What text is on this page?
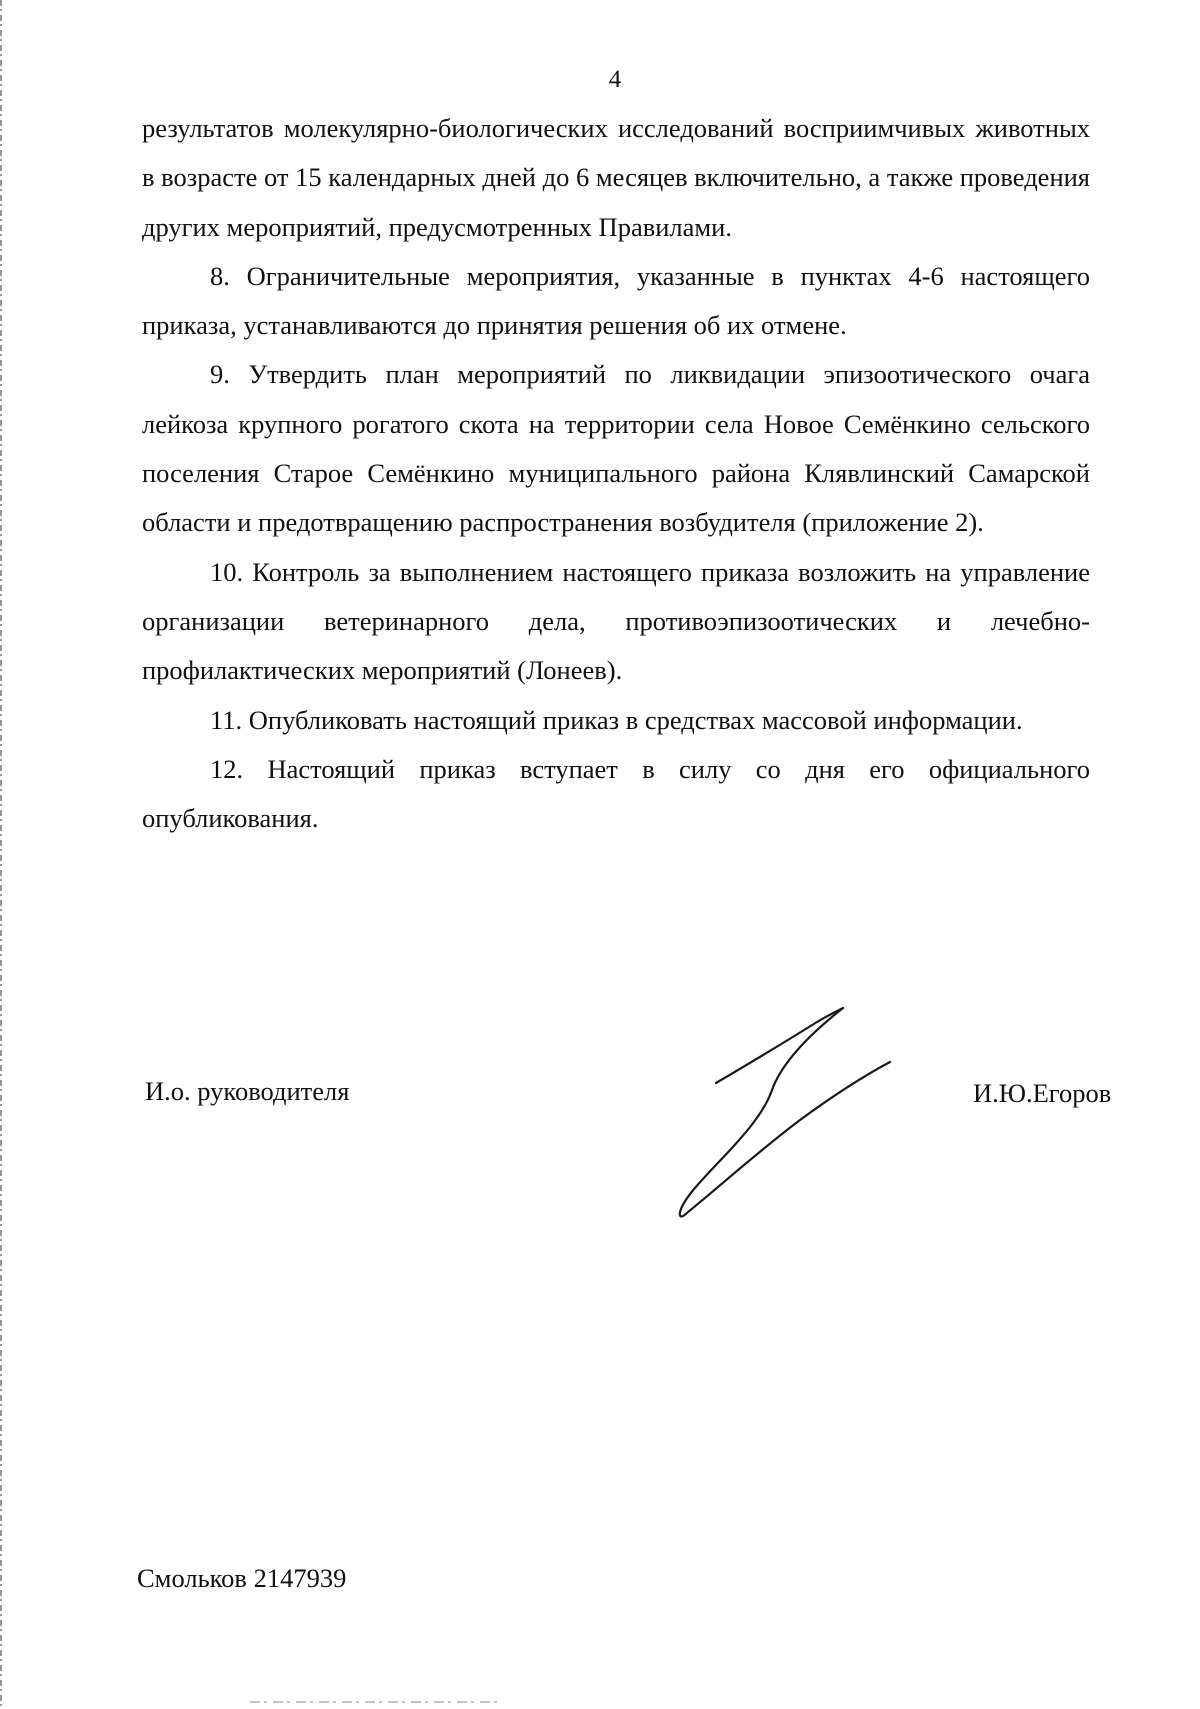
4

результатов молекулярно-биологических исследований восприимчивых животных в возрасте от 15 календарных дней до 6 месяцев включительно, а также проведения других мероприятий, предусмотренных Правилами.

8. Ограничительные мероприятия, указанные в пунктах 4-6 настоящего приказа, устанавливаются до принятия решения об их отмене.

9. Утвердить план мероприятий по ликвидации эпизоотического очага лейкоза крупного рогатого скота на территории села Новое Семёнкино сельского поселения Старое Семёнкино муниципального района Клявлинский Самарской области и предотвращению распространения возбудителя (приложение 2).

10. Контроль за выполнением настоящего приказа возложить на управление организации ветеринарного дела, противоэпизоотических и лечебно-профилактических мероприятий (Лонеев).

11. Опубликовать настоящий приказ в средствах массовой информации.

12. Настоящий приказ вступает в силу со дня его официального опубликования.

И.о. руководителя	И.Ю.Егоров
Смольков 2147939
